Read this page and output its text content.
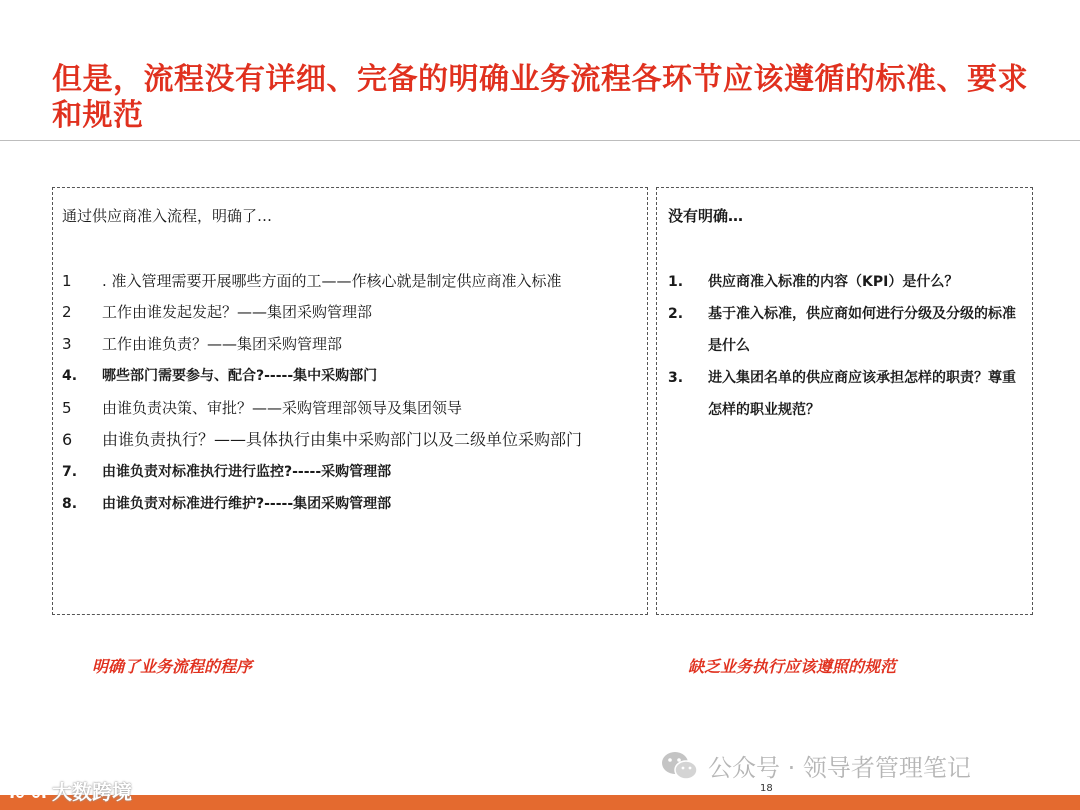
但是，流程没有详细、完备的明确业务流程各环节应该遵循的标准、要求和规范
通过供应商准入流程，明确了…
1	. 准入管理需要开展哪些方面的工——作核心就是制定供应商准入标准
2	工作由谁发起发起？——集团采购管理部
3	工作由谁负责？——集团采购管理部
4.	哪些部门需要参与、配合?-----集中采购部门
5	由谁负责决策、审批？——采购管理部领导及集团领导
6	由谁负责执行？——具体执行由集中采购部门以及二级单位采购部门
7.	由谁负责对标准执行进行监控?-----采购管理部
8.	由谁负责对标准进行维护?-----集团采购管理部
没有明确…
1.	供应商准入标准的内容（KPI）是什么？
2.	基于准入标准，供应商如何进行分级及分级的标准是什么
3.	进入集团名单的供应商应该承担怎样的职责？尊重怎样的职业规范？
明确了业务流程的程序	缺乏业务执行应该遵照的规范
公众号 · 领导者管理笔记
大数跨境	18
